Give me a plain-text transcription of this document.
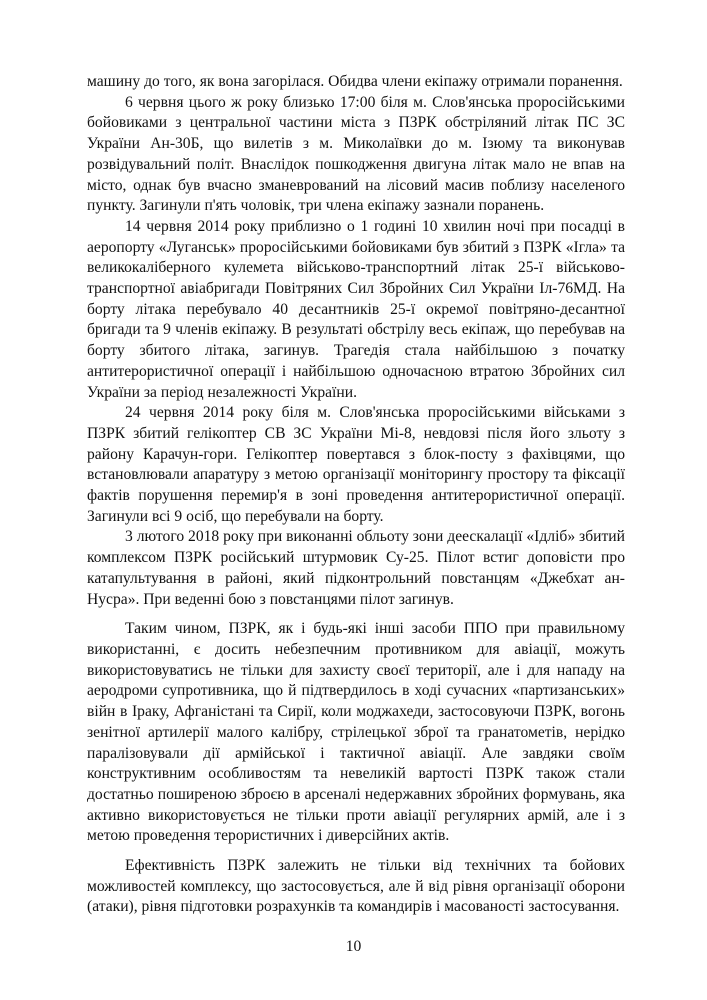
машину до того, як вона загорілася. Обидва члени екіпажу отримали поранення.

6 червня цього ж року близько 17:00 біля м. Слов'янська проросійськими бойовиками з центральної частини міста з ПЗРК обстріляний літак ПС ЗС України Ан-30Б, що вилетів з м. Миколаївки до м. Ізюму та виконував розвідувальний політ. Внаслідок пошкодження двигуна літак мало не впав на місто, однак був вчасно зманеврований на лісовий масив поблизу населеного пункту. Загинули п'ять чоловік, три члена екіпажу зазнали поранень.

14 червня 2014 року приблизно о 1 годині 10 хвилин ночі при посадці в аеропорту «Луганськ» проросійськими бойовиками був збитий з ПЗРК «Ігла» та великокаліберного кулемета військово-транспортний літак 25-ї військово-транспортної авіабригади Повітряних Сил Збройних Сил України Іл-76МД. На борту літака перебувало 40 десантників 25-ї окремої повітряно-десантної бригади та 9 членів екіпажу. В результаті обстрілу весь екіпаж, що перебував на борту збитого літака, загинув. Трагедія стала найбільшою з початку антитерористичної операції і найбільшою одночасною втратою Збройних сил України за період незалежності України.

24 червня 2014 року біля м. Слов'янська проросійськими військами з ПЗРК збитий гелікоптер СВ ЗС України Мі-8, невдовзі після його зльоту з району Карачун-гори. Гелікоптер повертався з блок-посту з фахівцями, що встановлювали апаратуру з метою організації моніторингу простору та фіксації фактів порушення перемир'я в зоні проведення антитерористичної операції. Загинули всі 9 осіб, що перебували на борту.

3 лютого 2018 року при виконанні обльоту зони деескалації «Ідліб» збитий комплексом ПЗРК російський штурмовик Су-25. Пілот встиг доповісти про катапультування в районі, який підконтрольний повстанцям «Джебхат ан-Нусра». При веденні бою з повстанцями пілот загинув.

Таким чином, ПЗРК, як і будь-які інші засоби ППО при правильному використанні, є досить небезпечним противником для авіації, можуть використовуватись не тільки для захисту своєї території, але і для нападу на аеродроми супротивника, що й підтвердилось в ході сучасних «партизанських» війн в Іраку, Афганістані та Сирії, коли моджахеди, застосовуючи ПЗРК, вогонь зенітної артилерії малого калібру, стрілецької зброї та гранатометів, нерідко паралізовували дії армійської і тактичної авіації. Але завдяки своїм конструктивним особливостям та невеликій вартості ПЗРК також стали достатньо поширеною зброєю в арсеналі недержавних збройних формувань, яка активно використовується не тільки проти авіації регулярних армій, але і з метою проведення терористичних і диверсійних актів.

Ефективність ПЗРК залежить не тільки від технічних та бойових можливостей комплексу, що застосовується, але й від рівня організації оборони (атаки), рівня підготовки розрахунків та командирів і масованості застосування.

10
